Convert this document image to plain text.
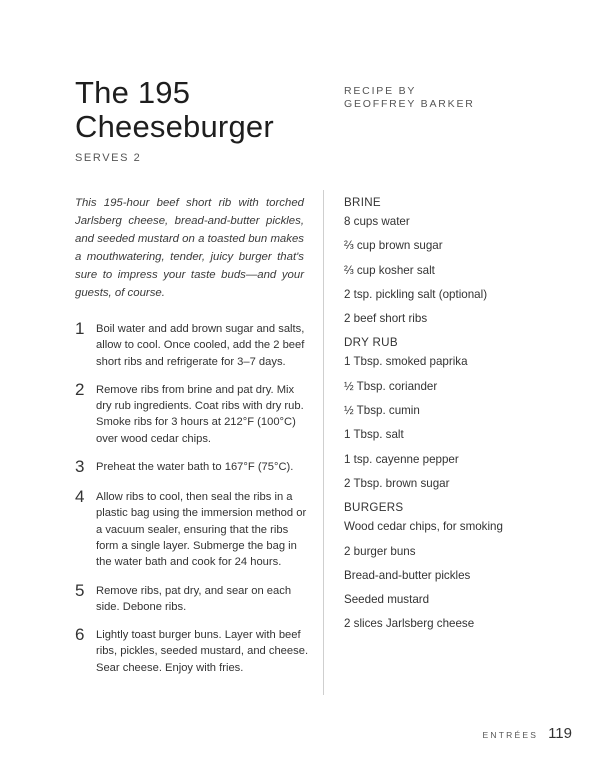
The 195
Cheeseburger
SERVES 2
RECIPE BY
GEOFFREY BARKER

This 195-hour beef short rib with torched Jarlsberg cheese, bread-and-butter pickles, and seeded mustard on a toasted bun makes a mouthwatering, tender, juicy burger that's sure to impress your taste buds—and your guests, of course.

1	Boil water and add brown sugar and salts, allow to cool. Once cooled, add the 2 beef short ribs and refrigerate for 3–7 days.
2	Remove ribs from brine and pat dry. Mix dry rub ingredients. Coat ribs with dry rub. Smoke ribs for 3 hours at 212°F (100°C) over wood cedar chips.
3	Preheat the water bath to 167°F (75°C).
4	Allow ribs to cool, then seal the ribs in a plastic bag using the immersion method or a vacuum sealer, ensuring that the ribs form a single layer. Submerge the bag in the water bath and cook for 24 hours.
5	Remove ribs, pat dry, and sear on each side. Debone ribs.
6	Lightly toast burger buns. Layer with beef ribs, pickles, seeded mustard, and cheese. Sear cheese. Enjoy with fries.
BRINE
8 cups water
⅔ cup brown sugar
⅔ cup kosher salt
2 tsp. pickling salt (optional)
2 beef short ribs
DRY RUB
1 Tbsp. smoked paprika
½ Tbsp. coriander
½ Tbsp. cumin
1 Tbsp. salt
1 tsp. cayenne pepper
2 Tbsp. brown sugar
BURGERS
Wood cedar chips, for smoking
2 burger buns
Bread-and-butter pickles
Seeded mustard
2 slices Jarlsberg cheese
ENTRÉES 119
